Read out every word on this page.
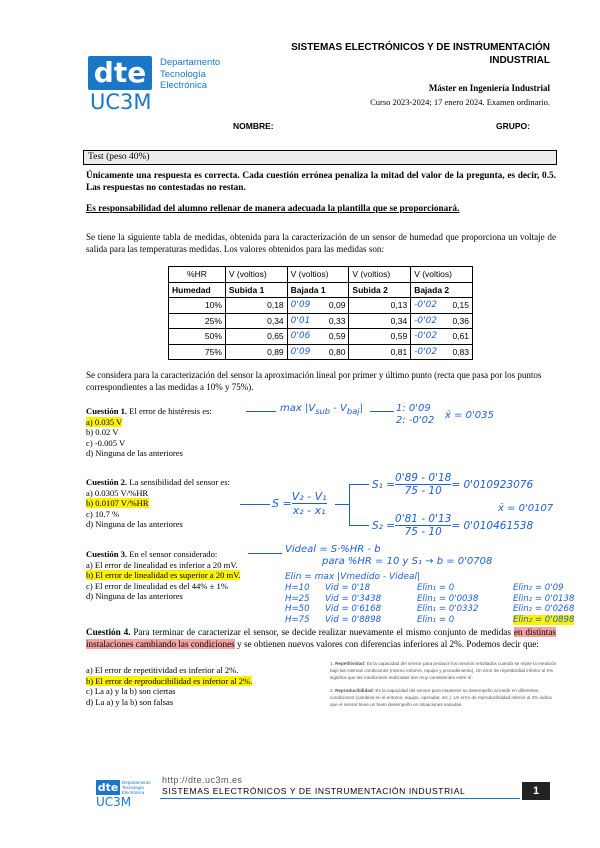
dte
UC3M
Departamento
Tecnología
Electrónica
SISTEMAS ELECTRÓNICOS Y DE INSTRUMENTACIÓN
INDUSTRIAL
Máster en Ingeniería Industrial
Curso 2023-2024; 17 enero 2024. Examen ordinario.
NOMBRE:	GRUPO:
Test (peso 40%)
Únicamente una respuesta es correcta. Cada cuestión errónea penaliza la mitad del valor de la pregunta, es decir, 0.5. Las respuestas no contestadas no restan.
Es responsabilidad del alumno rellenar de manera adecuada la plantilla que se proporcionará.
Se tiene la siguiente tabla de medidas, obtenida para la caracterización de un sensor de humedad que proporciona un voltaje de salida para las temperaturas medidas. Los valores obtenidos para las medidas son:
%HR	V (voltios)	V (voltios)	V (voltios)	V (voltios)
Humedad	Subida 1	Bajada 1	Subida 2	Bajada 2
10%	0,18	0'09 0,09	0,13	-0'02 0,15
25%	0,34	0'01 0,33	0,34	-0'02 0,36
50%	0,65	0'06 0,59	0,59	-0'02 0,61
75%	0,89	0'09 0,80	0,81	-0'02 0,83
Se considera para la caracterización del sensor la aproximación lineal por primer y último punto (recta que pasa por los puntos correspondientes a las medidas a 10% y 75%).
Cuestión 1. El error de histéresis es:
a) 0.035 V
b) 0.02 V
c) -0.005 V
d) Ninguna de las anteriores
$\max |V_{sub} - V_{baj}|$	1: 0'09
2: -0'02 x̄ = 0'035
Cuestión 2. La sensibilidad del sensor es:
a) 0.0305 V/%HR
b) 0.0107 V/%HR
c) 10.7 %
d) Ninguna de las anteriores
$S = \frac{\text{V₂ - V₁}}{\text{x₂ - x₁}}$
$S_1 = \frac{0'89 - 0'18}{75 - 10} = 0'010923076$
$S_2 = \frac{0'81 - 0'13}{75 - 10} = 0'010461538$
x̄ = 0'0107
Cuestión 3. En el sensor considerado:
a) El error de linealidad es inferior a 20 mV.
b) El error de linealidad es superior a 20 mV.
c) El error de linealidad es del 44% ± 1%
d) Ninguna de las anteriores
Videal = S·%HR - b
para %HR = 10 y S₁ → b = 0'0708
Elin = max |Vmedido - Videal|
H=10	Vid = 0'18	Elin₁ = 0	Elin₂ = 0'09
H=25	Vid = 0'3438	Elin₁ = 0'0038	Elin₂ = 0'0138
H=50	Vid = 0'6168	Elin₁ = 0'0332	Elin₂ = 0'0268
H=75	Vid = 0'8898	Elin₁ = 0	Elin₂ = 0'0898
Cuestión 4. Para terminar de caracterizar el sensor, se decide realizar nuevamente el mismo conjunto de medidas en distintas instalaciones cambiando las condiciones y se obtienen nuevos valores con diferencias inferiores al 2%. Podemos decir que:
a) El error de repetitividad es inferior al 2%.
b) El error de reproducibilidad es inferior al 2%.
c) La a) y la b) son ciertas
d) La a) y la b) son falsas
1. Repetitividad: Es la capacidad del sensor para producir los mismos resultados cuando se repite la medición bajo las mismas condiciones (mismo entorno, equipo y procedimiento). Un error de repetitividad inferior al 2% significa que las mediciones realizadas son muy consistentes entre sí.
2. Reproducibilidad: Es la capacidad del sensor para mantener su desempeño al medir en diferentes condiciones (cambios en el entorno, equipo, operador, etc.). Un error de reproducibilidad inferior al 2% indica que el sensor tiene un buen desempeño en situaciones variadas.
dte Departamento
Tecnología
Electrónica
UC3M
http://dte.uc3m.es
SISTEMAS ELECTRÓNICOS Y DE INSTRUMENTACIÓN INDUSTRIAL	1
